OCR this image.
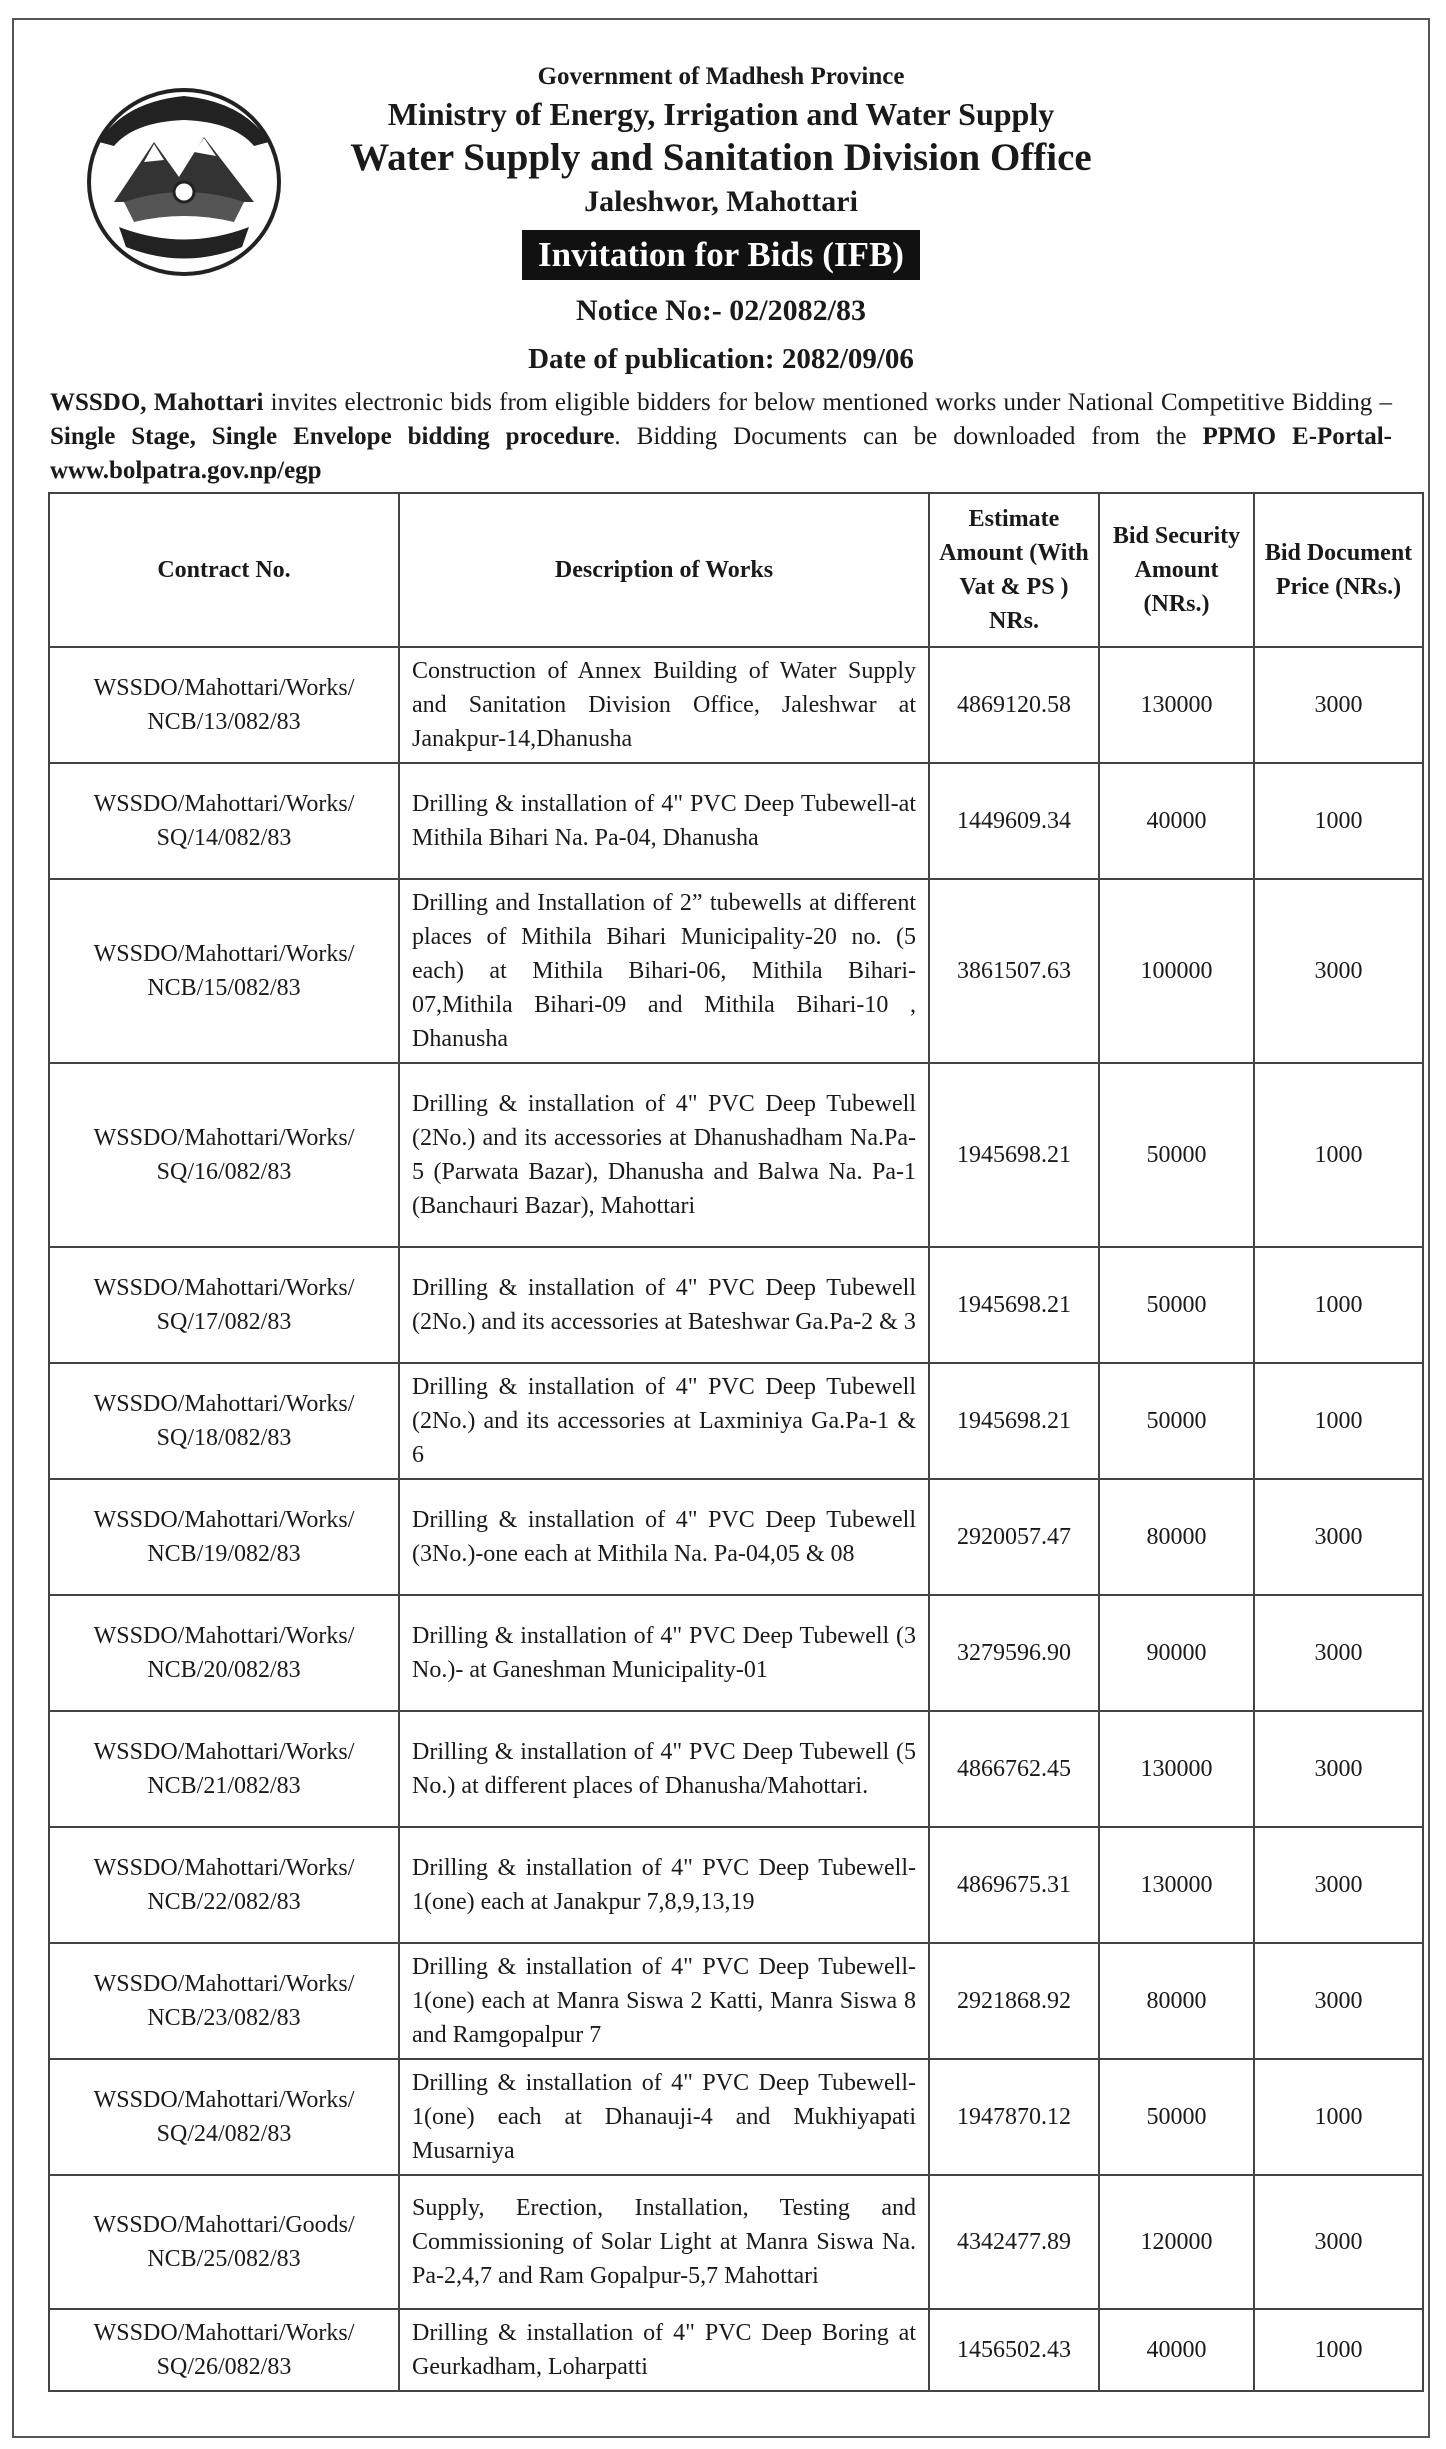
Government of Madhesh Province
Ministry of Energy, Irrigation and Water Supply
Water Supply and Sanitation Division Office
Jaleshwor, Mahottari
Invitation for Bids (IFB)
Notice No:- 02/2082/83
Date of publication: 2082/09/06
WSSDO, Mahottari invites electronic bids from eligible bidders for below mentioned works under National Competitive Bidding – Single Stage, Single Envelope bidding procedure. Bidding Documents can be downloaded from the PPMO E-Portal-www.bolpatra.gov.np/egp
Contract No.	Description of Works	Estimate Amount (With Vat & PS ) NRs.	Bid Security Amount (NRs.)	Bid Document Price (NRs.)
WSSDO/Mahottari/Works/ NCB/13/082/83	Construction of Annex Building of Water Supply and Sanitation Division Office, Jaleshwar at Janakpur-14,Dhanusha	4869120.58	130000	3000
WSSDO/Mahottari/Works/ SQ/14/082/83	Drilling & installation of 4" PVC Deep Tubewell-at Mithila Bihari Na. Pa-04, Dhanusha	1449609.34	40000	1000
WSSDO/Mahottari/Works/ NCB/15/082/83	Drilling and Installation of 2” tubewells at different places of Mithila Bihari Municipality-20 no. (5 each) at Mithila Bihari-06, Mithila Bihari-07,Mithila Bihari-09 and Mithila Bihari-10 , Dhanusha	3861507.63	100000	3000
WSSDO/Mahottari/Works/ SQ/16/082/83	Drilling & installation of 4" PVC Deep Tubewell (2No.) and its accessories at Dhanushadham Na.Pa-5 (Parwata Bazar), Dhanusha and Balwa Na. Pa-1 (Banchauri Bazar), Mahottari	1945698.21	50000	1000
WSSDO/Mahottari/Works/ SQ/17/082/83	Drilling & installation of 4" PVC Deep Tubewell (2No.) and its accessories at Bateshwar Ga.Pa-2 & 3	1945698.21	50000	1000
WSSDO/Mahottari/Works/ SQ/18/082/83	Drilling & installation of 4" PVC Deep Tubewell (2No.) and its accessories at Laxminiya Ga.Pa-1 & 6	1945698.21	50000	1000
WSSDO/Mahottari/Works/ NCB/19/082/83	Drilling & installation of 4" PVC Deep Tubewell (3No.)-one each at Mithila Na. Pa-04,05 & 08	2920057.47	80000	3000
WSSDO/Mahottari/Works/ NCB/20/082/83	Drilling & installation of 4" PVC Deep Tubewell (3 No.)- at Ganeshman Municipality-01	3279596.90	90000	3000
WSSDO/Mahottari/Works/ NCB/21/082/83	Drilling & installation of 4" PVC Deep Tubewell (5 No.) at different places of Dhanusha/Mahottari.	4866762.45	130000	3000
WSSDO/Mahottari/Works/ NCB/22/082/83	Drilling & installation of 4" PVC Deep Tubewell-1(one) each at Janakpur 7,8,9,13,19	4869675.31	130000	3000
WSSDO/Mahottari/Works/ NCB/23/082/83	Drilling & installation of 4" PVC Deep Tubewell-1(one) each at Manra Siswa 2 Katti, Manra Siswa 8 and Ramgopalpur 7	2921868.92	80000	3000
WSSDO/Mahottari/Works/ SQ/24/082/83	Drilling & installation of 4" PVC Deep Tubewell-1(one) each at Dhanauji-4 and Mukhiyapati Musarniya	1947870.12	50000	1000
WSSDO/Mahottari/Goods/ NCB/25/082/83	Supply, Erection, Installation, Testing and Commissioning of Solar Light at Manra Siswa Na. Pa-2,4,7 and Ram Gopalpur-5,7 Mahottari	4342477.89	120000	3000
WSSDO/Mahottari/Works/ SQ/26/082/83	Drilling & installation of 4" PVC Deep Boring at Geurkadham, Loharpatti	1456502.43	40000	1000
